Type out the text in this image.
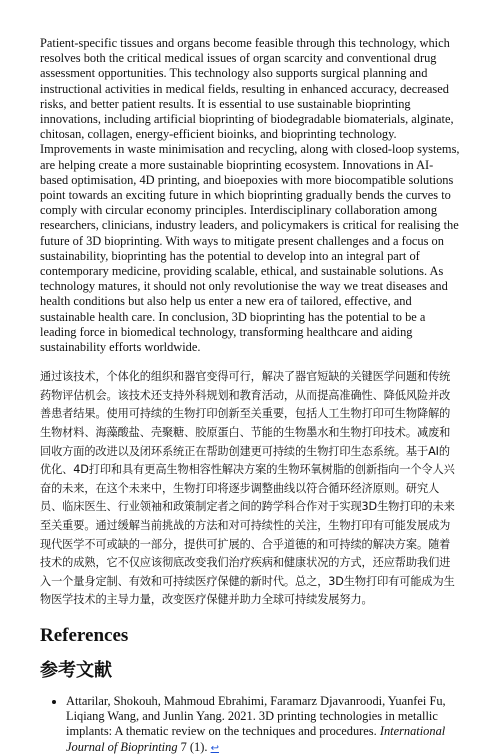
Patient-specific tissues and organs become feasible through this technology, which resolves both the critical medical issues of organ scarcity and conventional drug assessment opportunities. This technology also supports surgical planning and instructional activities in medical fields, resulting in enhanced accuracy, decreased risks, and better patient results. It is essential to use sustainable bioprinting innovations, including artificial bioprinting of biodegradable biomaterials, alginate, chitosan, collagen, energy-efficient bioinks, and bioprinting technology. Improvements in waste minimisation and recycling, along with closed-loop systems, are helping create a more sustainable bioprinting ecosystem. Innovations in AI-based optimisation, 4D printing, and bioepoxies with more biocompatible solutions point towards an exciting future in which bioprinting gradually bends the curves to comply with circular economy principles. Interdisciplinary collaboration among researchers, clinicians, industry leaders, and policymakers is critical for realising the future of 3D bioprinting. With ways to mitigate present challenges and a focus on sustainability, bioprinting has the potential to develop into an integral part of contemporary medicine, providing scalable, ethical, and sustainable solutions. As technology matures, it should not only revolutionise the way we treat diseases and health conditions but also help us enter a new era of tailored, effective, and sustainable health care. In conclusion, 3D bioprinting has the potential to be a leading force in biomedical technology, transforming healthcare and aiding sustainability efforts worldwide.

通过该技术，个体化的组织和器官变得可行，解决了器官短缺的关键医学问题和传统药物评估机会。该技术还支持外科规划和教育活动，从而提高准确性、降低风险并改善患者结果。使用可持续的生物打印创新至关重要，包括人工生物打印可生物降解的生物材料、海藻酸盐、壳聚糖、胶原蛋白、节能的生物墨水和生物打印技术。减废和回收方面的改进以及闭环系统正在帮助创建更可持续的生物打印生态系统。基于AI的优化、4D打印和具有更高生物相容性解决方案的生物环氧树脂的创新指向一个令人兴奋的未来，在这个未来中，生物打印将逐步调整曲线以符合循环经济原则。研究人员、临床医生、行业领袖和政策制定者之间的跨学科合作对于实现3D生物打印的未来至关重要。通过缓解当前挑战的方法和对可持续性的关注，生物打印有可能发展成为现代医学不可或缺的一部分，提供可扩展的、合乎道德的和可持续的解决方案。随着技术的成熟，它不仅应该彻底改变我们治疗疾病和健康状况的方式，还应帮助我们进入一个量身定制、有效和可持续医疗保健的新时代。总之，3D生物打印有可能成为生物医学技术的主导力量，改变医疗保健并助力全球可持续发展努力。

References
参考文献
• Attarilar, Shokouh, Mahmoud Ebrahimi, Faramarz Djavanroodi, Yuanfei Fu, Liqiang Wang, and Junlin Yang. 2021. 3D printing technologies in metallic implants: A thematic review on the techniques and procedures. International Journal of Bioprinting 7 (1). ↩
